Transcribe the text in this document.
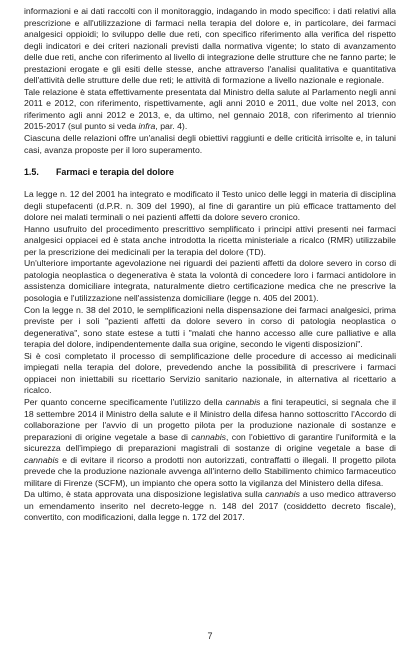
informazioni e ai dati raccolti con il monitoraggio, indagando in modo specifico: i dati relativi alla prescrizione e all'utilizzazione di farmaci nella terapia del dolore e, in particolare, dei farmaci analgesici oppioidi; lo sviluppo delle due reti, con specifico riferimento alla verifica del rispetto degli indicatori e dei criteri nazionali previsti dalla normativa vigente; lo stato di avanzamento delle due reti, anche con riferimento al livello di integrazione delle strutture che ne fanno parte; le prestazioni erogate e gli esiti delle stesse, anche attraverso l'analisi qualitativa e quantitativa dell'attività delle strutture delle due reti; le attività di formazione a livello nazionale e regionale.

Tale relazione è stata effettivamente presentata dal Ministro della salute al Parlamento negli anni 2011 e 2012, con riferimento, rispettivamente, agli anni 2010 e 2011, due volte nel 2013, con riferimento agli anni 2012 e 2013, e, da ultimo, nel gennaio 2018, con riferimento al triennio 2015-2017 (sul punto si veda infra, par. 4).

Ciascuna delle relazioni offre un'analisi degli obiettivi raggiunti e delle criticità irrisolte e, in taluni casi, avanza proposte per il loro superamento.

1.5. Farmaci e terapia del dolore

La legge n. 12 del 2001 ha integrato e modificato il Testo unico delle leggi in materia di disciplina degli stupefacenti (d.P.R. n. 309 del 1990), al fine di garantire un più efficace trattamento del dolore nei malati terminali o nei pazienti affetti da dolore severo cronico.

Hanno usufruito del procedimento prescrittivo semplificato i principi attivi presenti nei farmaci analgesici oppiacei ed è stata anche introdotta la ricetta ministeriale a ricalco (RMR) utilizzabile per la prescrizione dei medicinali per la terapia del dolore (TD).

Un'ulteriore importante agevolazione nei riguardi dei pazienti affetti da dolore severo in corso di patologia neoplastica o degenerativa è stata la volontà di concedere loro i farmaci antidolore in assistenza domiciliare integrata, naturalmente dietro certificazione medica che ne prescrive la posologia e l'utilizzazione nell'assistenza domiciliare (legge n. 405 del 2001).

Con la legge n. 38 del 2010, le semplificazioni nella dispensazione dei farmaci analgesici, prima previste per i soli "pazienti affetti da dolore severo in corso di patologia neoplastica o degenerativa", sono state estese a tutti i "malati che hanno accesso alle cure palliative e alla terapia del dolore, indipendentemente dalla sua origine, secondo le vigenti disposizioni".

Si è così completato il processo di semplificazione delle procedure di accesso ai medicinali impiegati nella terapia del dolore, prevedendo anche la possibilità di prescrivere i farmaci oppiacei non iniettabili su ricettario Servizio sanitario nazionale, in alternativa al ricettario a ricalco.

Per quanto concerne specificamente l'utilizzo della cannabis a fini terapeutici, si segnala che il 18 settembre 2014 il Ministro della salute e il Ministro della difesa hanno sottoscritto l'Accordo di collaborazione per l'avvio di un progetto pilota per la produzione nazionale di sostanze e preparazioni di origine vegetale a base di cannabis, con l'obiettivo di garantire l'uniformità e la sicurezza dell'impiego di preparazioni magistrali di sostanze di origine vegetale a base di cannabis e di evitare il ricorso a prodotti non autorizzati, contraffatti o illegali. Il progetto pilota prevede che la produzione nazionale avvenga all'interno dello Stabilimento chimico farmaceutico militare di Firenze (SCFM), un impianto che opera sotto la vigilanza del Ministero della difesa.

Da ultimo, è stata approvata una disposizione legislativa sulla cannabis a uso medico attraverso un emendamento inserito nel decreto-legge n. 148 del 2017 (cosiddetto decreto fiscale), convertito, con modificazioni, dalla legge n. 172 del 2017.

7
